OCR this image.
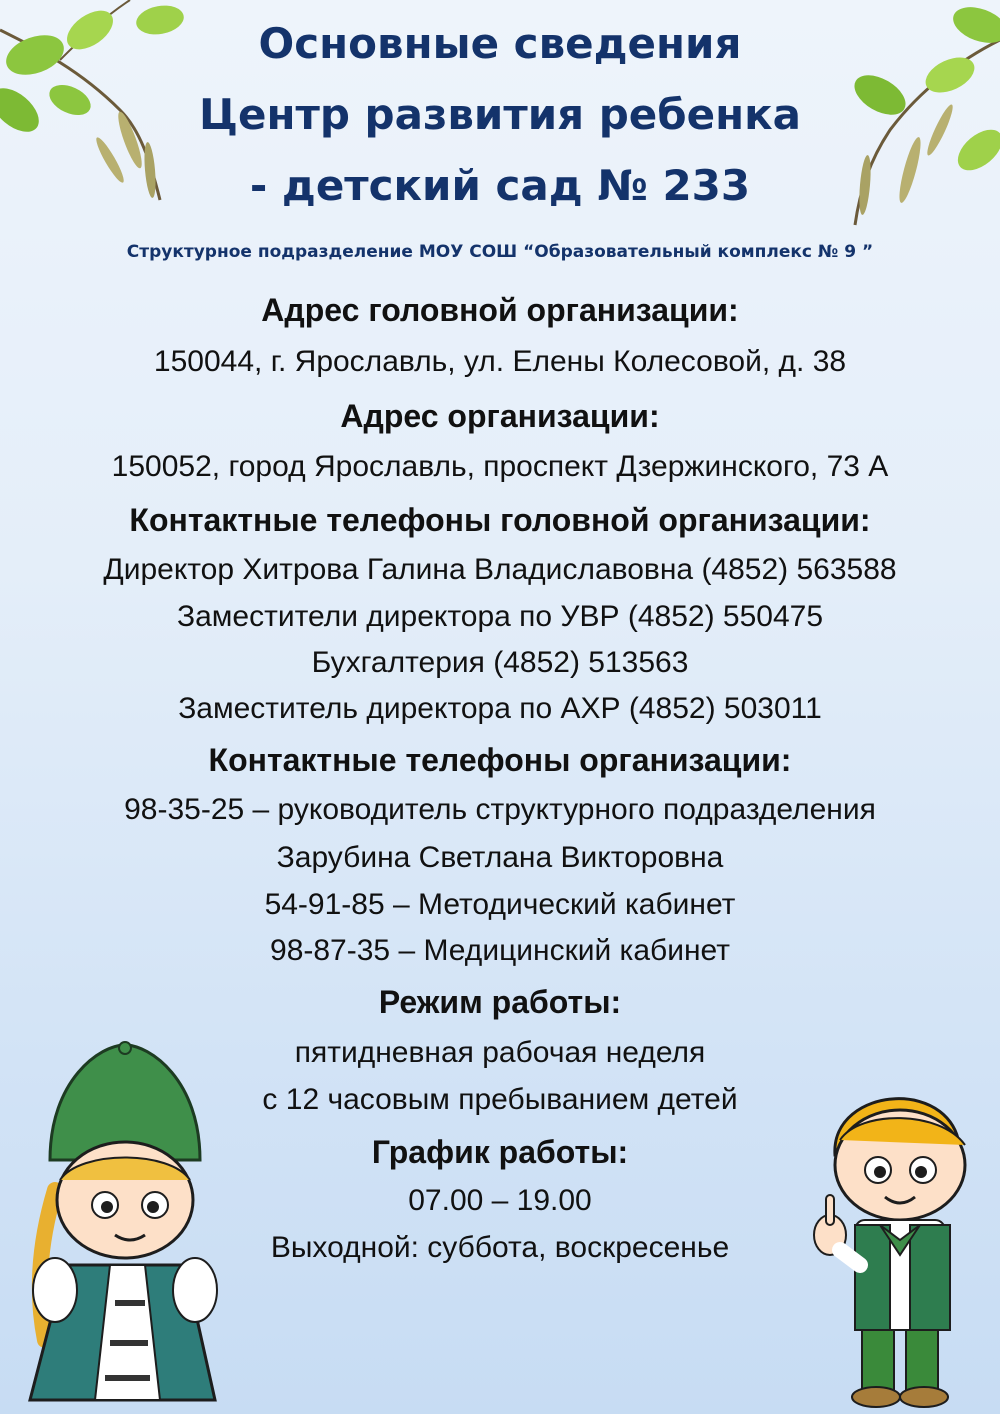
Основные сведения
Центр развития ребенка
- детский сад № 233
Структурное подразделение МОУ СОШ “Образовательный комплекс № 9 ”
Адрес головной организации:
150044, г. Ярославль, ул. Елены Колесовой, д. 38
Адрес организации:
150052, город Ярославль, проспект Дзержинского, 73 А
Контактные телефоны головной организации:
Директор Хитрова Галина Владиславовна (4852) 563588
Заместители директора по УВР (4852) 550475
Бухгалтерия (4852) 513563
Заместитель директора по АХР (4852) 503011
Контактные телефоны организации:
98-35-25 – руководитель структурного подразделения
Зарубина Светлана Викторовна
54-91-85 – Методический кабинет
98-87-35 – Медицинский кабинет
Режим работы:
пятидневная рабочая неделя
с 12 часовым пребыванием детей
График работы:
07.00 – 19.00
Выходной: суббота, воскресенье
